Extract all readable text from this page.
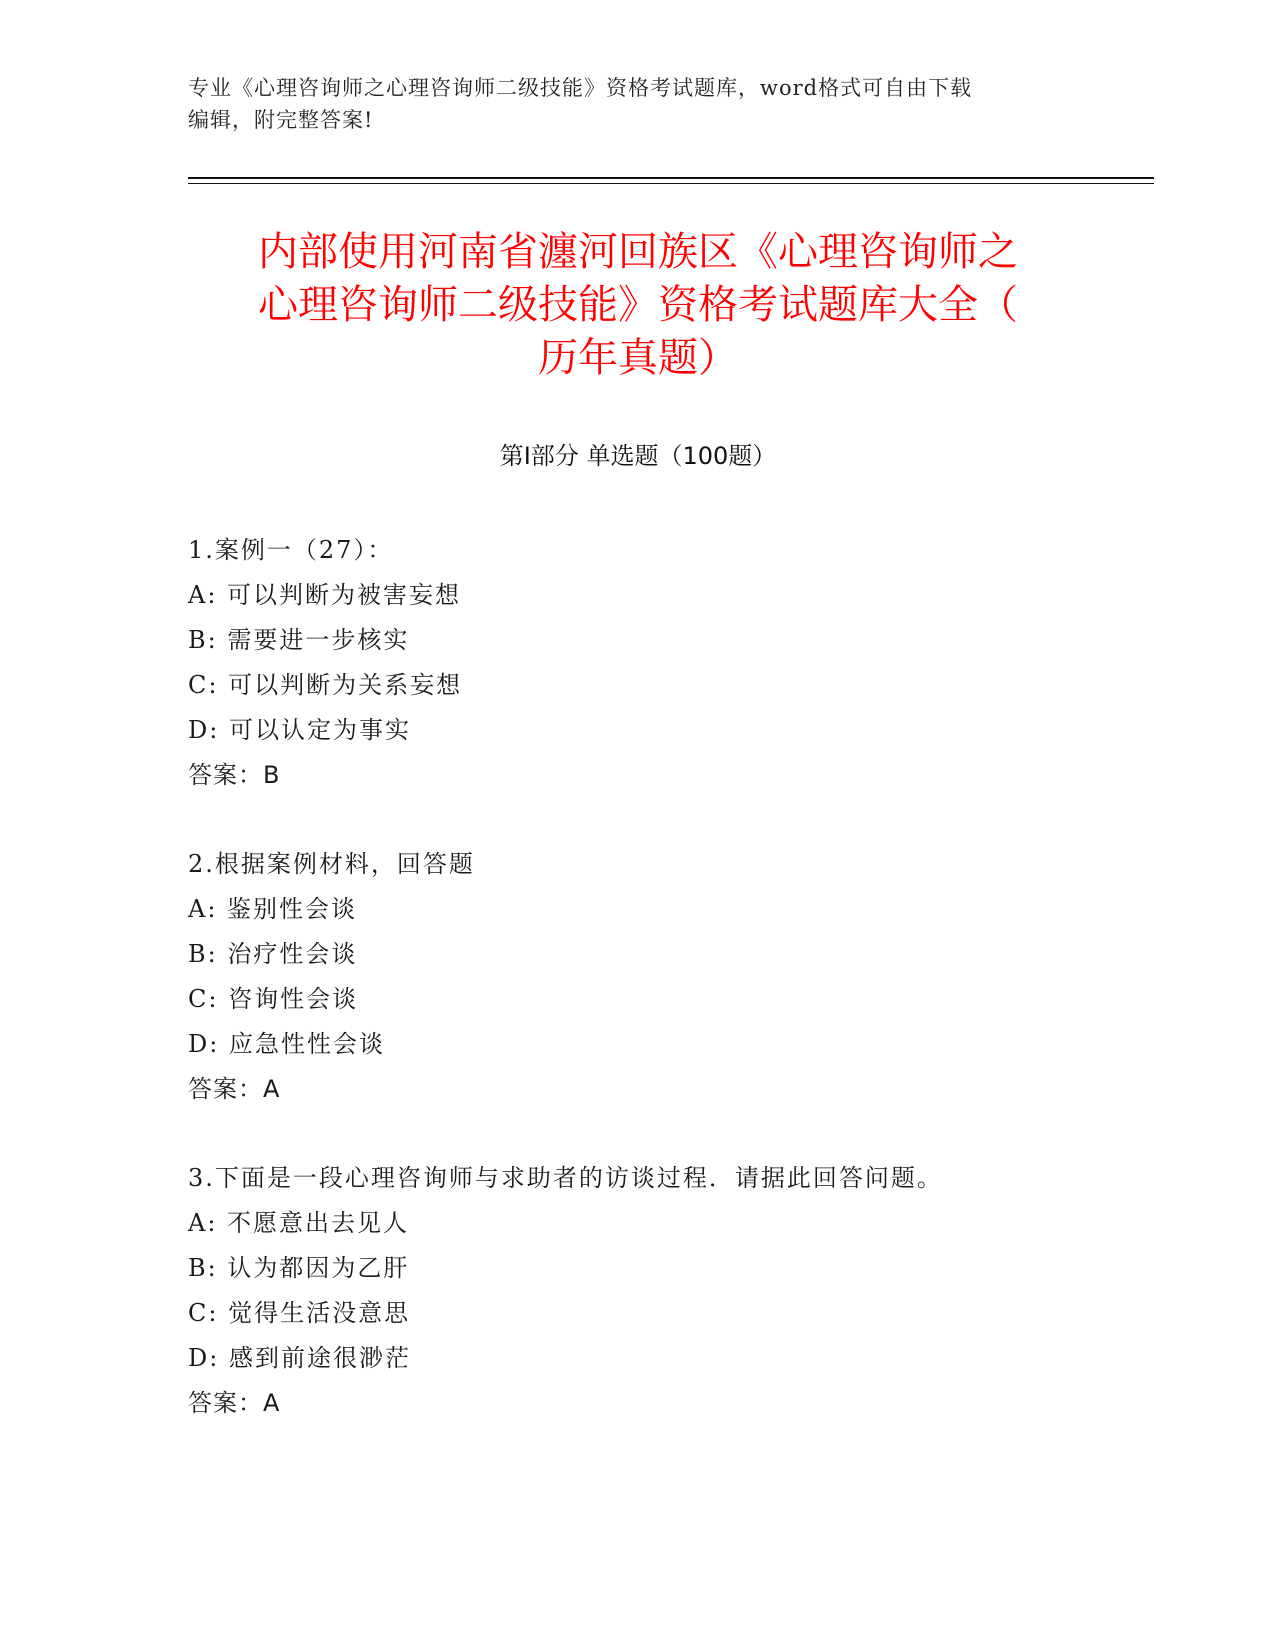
专业《心理咨询师之心理咨询师二级技能》资格考试题库，word格式可自由下载
编辑，附完整答案!
内部使用河南省瀍河回族区《心理咨询师之
心理咨询师二级技能》资格考试题库大全（
历年真题）
第Ⅰ部分 单选题（100题）
1.案例一（27）：
A: 可以判断为被害妄想
B: 需要进一步核实
C: 可以判断为关系妄想
D: 可以认定为事实
答案：B
2.根据案例材料，回答题
A: 鉴别性会谈
B: 治疗性会谈
C: 咨询性会谈
D: 应急性性会谈
答案：A
3.下面是一段心理咨询师与求助者的访谈过程．请据此回答问题。
A: 不愿意出去见人
B: 认为都因为乙肝
C: 觉得生活没意思
D: 感到前途很渺茫
答案：A
